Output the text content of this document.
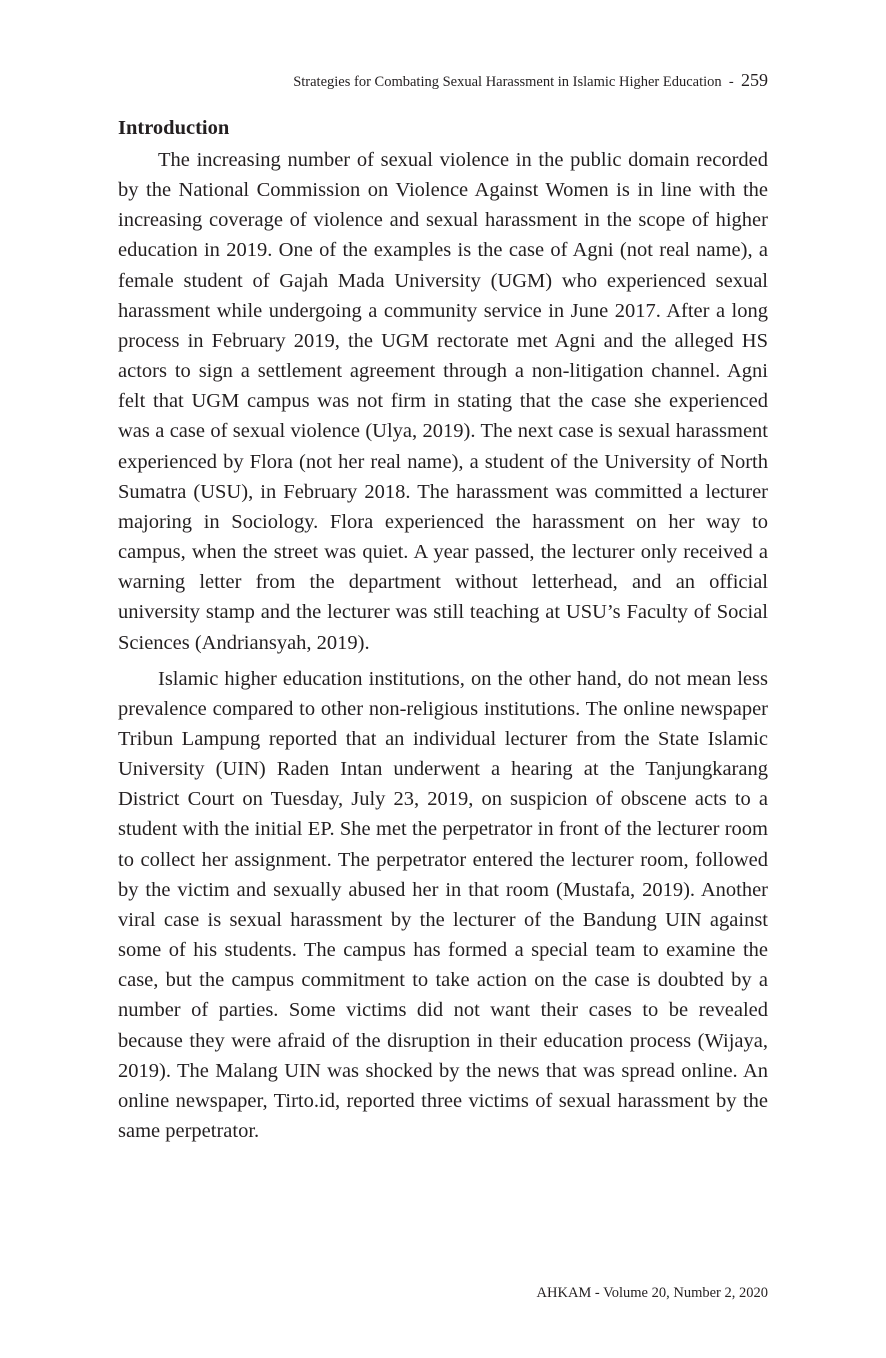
Strategies for Combating Sexual Harassment in Islamic Higher Education - 259
Introduction

The increasing number of sexual violence in the public domain recorded by the National Commission on Violence Against Women is in line with the increasing coverage of violence and sexual harassment in the scope of higher education in 2019. One of the examples is the case of Agni (not real name), a female student of Gajah Mada University (UGM) who experienced sexual harassment while undergoing a community service in June 2017. After a long process in February 2019, the UGM rectorate met Agni and the alleged HS actors to sign a settlement agreement through a non-litigation channel. Agni felt that UGM campus was not firm in stating that the case she experienced was a case of sexual violence (Ulya, 2019). The next case is sexual harassment experienced by Flora (not her real name), a student of the University of North Sumatra (USU), in February 2018. The harassment was committed a lecturer majoring in Sociology. Flora experienced the harassment on her way to campus, when the street was quiet. A year passed, the lecturer only received a warning letter from the department without letterhead, and an official university stamp and the lecturer was still teaching at USU’s Faculty of Social Sciences (Andriansyah, 2019).

Islamic higher education institutions, on the other hand, do not mean less prevalence compared to other non-religious institutions. The online newspaper Tribun Lampung reported that an individual lecturer from the State Islamic University (UIN) Raden Intan underwent a hearing at the Tanjungkarang District Court on Tuesday, July 23, 2019, on suspicion of obscene acts to a student with the initial EP. She met the perpetrator in front of the lecturer room to collect her assignment. The perpetrator entered the lecturer room, followed by the victim and sexually abused her in that room (Mustafa, 2019). Another viral case is sexual harassment by the lecturer of the Bandung UIN against some of his students. The campus has formed a special team to examine the case, but the campus commitment to take action on the case is doubted by a number of parties. Some victims did not want their cases to be revealed because they were afraid of the disruption in their education process (Wijaya, 2019). The Malang UIN was shocked by the news that was spread online. An online newspaper, Tirto.id, reported three victims of sexual harassment by the same perpetrator.

AHKAM - Volume 20, Number 2, 2020
